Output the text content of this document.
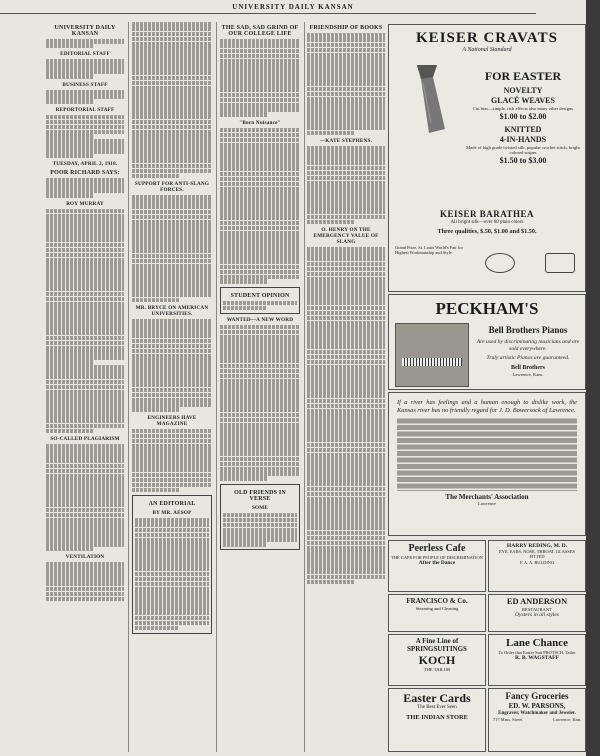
UNIVERSITY DAILY KANSAN
UNIVERSITY DAILY KANSAN
EDITORIAL STAFF
BUSINESS STAFF
REPORTORIAL STAFF
TUESDAY, APRIL 2, 1918.
POOR RICHARD SAYS:
ROY MURRAY
SO-CALLED PLAGIARISM
VENTILATION
SUPPORT FOR ANTI-SLANG FORCES.
MR. BRYCE ON AMERICAN UNIVERSITIES.
ENGINEERS HAVE MAGAZINE
AN EDITORIAL
BY MR. AESOP
THE SAD, SAD GRIND OF OUR COLLEGE LIFE
"Born Nuisance"
STUDENT OPINION
WANTED—A NEW WORD
OLD FRIENDS IN VERSE
SOME
FRIENDSHIP OF BOOKS
—KATE STEPHENS.
O. HENRY ON THE EMERGENCY VALUE OF SLANG
KEISER CRAVATS
A National Standard
FOR EASTER
NOVELTY
GLACÉ WEAVES
Cut bias—simple, rich effects also many other designs
$1.00 to $2.00
KNITTED
4-IN-HANDS
Made of high grade twisted silk, popular crochet stitch, bright colored stripes
$1.50 to $3.00
KEISER BARATHEA
All bright silk—over 60 plain colors
Three qualities, $.50, $1.00 and $1.50.
Grand Prize, St. Louis World's Fair for Highest Workmanship and Style
PECKHAM'S
Bell Brothers Pianos
Are used by discriminating musicians and are sold everywhere.
Truly artistic Pianos are guaranteed.
Bell Brothers
Lawrence, Kans.
If a river has feelings and a human enough to dislike work, the Kansas river has no friendly regard for J. D. Bowersock of Lawrence.
The Merchants' Association
Lawrence
Peerless Cafe
THE CAFE FOR PEOPLE OF DISCRIMINATION
After the Dance
HARRY REDING, M. D.
EYE, EARS, NOSE, THROAT. GLASSES FITTED
F. A. A. RULDING
FRANCISCO & Co.
Steaming and Cleaning
ED ANDERSON
RESTAURANT
Oysters in all styles
A Fine Line of SPRINGSUITINGS
KOCH
THE TAILOR
Lane Chance
To Order that Easter Suit PROTSCH, Tailor
R. B. WAGSTAFF
Easter Cards
The Best Ever Seen
THE INDIAN STORE
Fancy Groceries
ED. W. PARSONS,
Engraver, Watchmaker and Jeweler.
717 Mass. Street	Lawrence, Kan.
